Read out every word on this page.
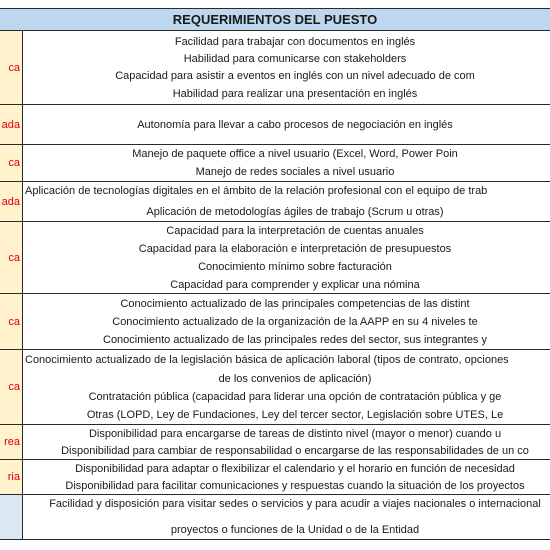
REQUERIMIENTOS DEL PUESTO
ca
Facilidad para trabajar con documentos en inglés
Habilidad para comunicarse con stakeholders
Capacidad para asistir a eventos en inglés con un nivel adecuado de com
Habilidad para realizar una presentación en inglés
ada	Autonomía para llevar a cabo procesos de negociación en inglés
ca
Manejo de paquete office a nivel usuario (Excel, Word, Power Poin
Manejo de redes sociales a nivel usuario
ada
Aplicación de tecnologías digitales en el ámbito de la relación profesional con el equipo de trab
Aplicación de metodologías ágiles de trabajo (Scrum u otras)
ca
Capacidad para la interpretación de cuentas anuales
Capacidad para la elaboración e interpretación de presupuestos
Conocimiento mínimo sobre facturación
Capacidad para comprender y explicar una nómina
ca
Conocimiento actualizado de las principales competencias de las distint
Conocimiento actualizado de la organización de la AAPP en su 4 niveles te
Conocimiento actualizado de las principales redes del sector, sus integrantes y
ca
Conocimiento actualizado de la legislación básica de aplicación laboral (tipos de contrato, opciones
de los convenios de aplicación)
Contratación pública (capacidad para liderar una opción de contratación pública y ge
Otras (LOPD, Ley de Fundaciones, Ley del tercer sector, Legislación sobre UTES, Le
rea
Disponibilidad para encargarse de tareas de distinto nivel (mayor o menor) cuando u
Disponibilidad para cambiar de responsabilidad o encargarse de las responsabilidades de un co
ria
Disponibilidad para adaptar o flexibilizar el calendario y el horario en función de necesidad
Disponibilidad para facilitar comunicaciones y respuestas cuando la situación de los proyectos
Facilidad y disposición para visitar sedes o servicios y para acudir a viajes nacionales o internacional
proyectos o funciones de la Unidad o de la Entidad
